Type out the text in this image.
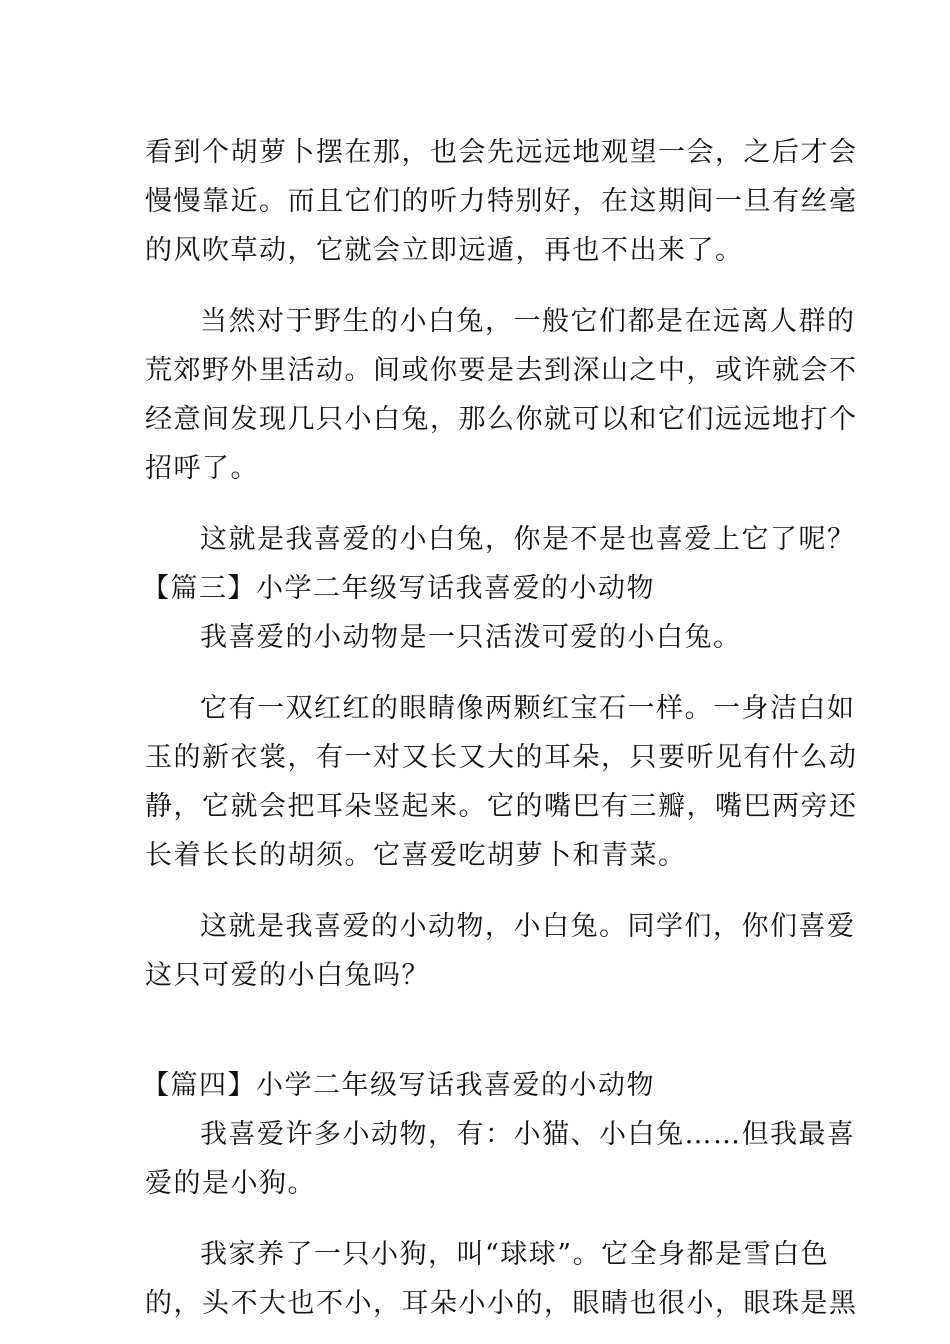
看到个胡萝卜摆在那，也会先远远地观望一会，之后才会
慢慢靠近。而且它们的听力特别好，在这期间一旦有丝毫
的风吹草动，它就会立即远遁，再也不出来了。
当然对于野生的小白兔，一般它们都是在远离人群的
荒郊野外里活动。间或你要是去到深山之中，或许就会不
经意间发现几只小白兔，那么你就可以和它们远远地打个
招呼了。
这就是我喜爱的小白兔，你是不是也喜爱上它了呢？
【篇三】小学二年级写话我喜爱的小动物
我喜爱的小动物是一只活泼可爱的小白兔。
它有一双红红的眼睛像两颗红宝石一样。一身洁白如
玉的新衣裳，有一对又长又大的耳朵，只要听见有什么动
静，它就会把耳朵竖起来。它的嘴巴有三瓣，嘴巴两旁还
长着长长的胡须。它喜爱吃胡萝卜和青菜。
这就是我喜爱的小动物，小白兔。同学们，你们喜爱
这只可爱的小白兔吗？
【篇四】小学二年级写话我喜爱的小动物
我喜爱许多小动物，有：小猫、小白兔……但我最喜
爱的是小狗。
我家养了一只小狗，叫“球球”。它全身都是雪白色
的，头不大也不小，耳朵小小的，眼睛也很小，眼珠是黑
